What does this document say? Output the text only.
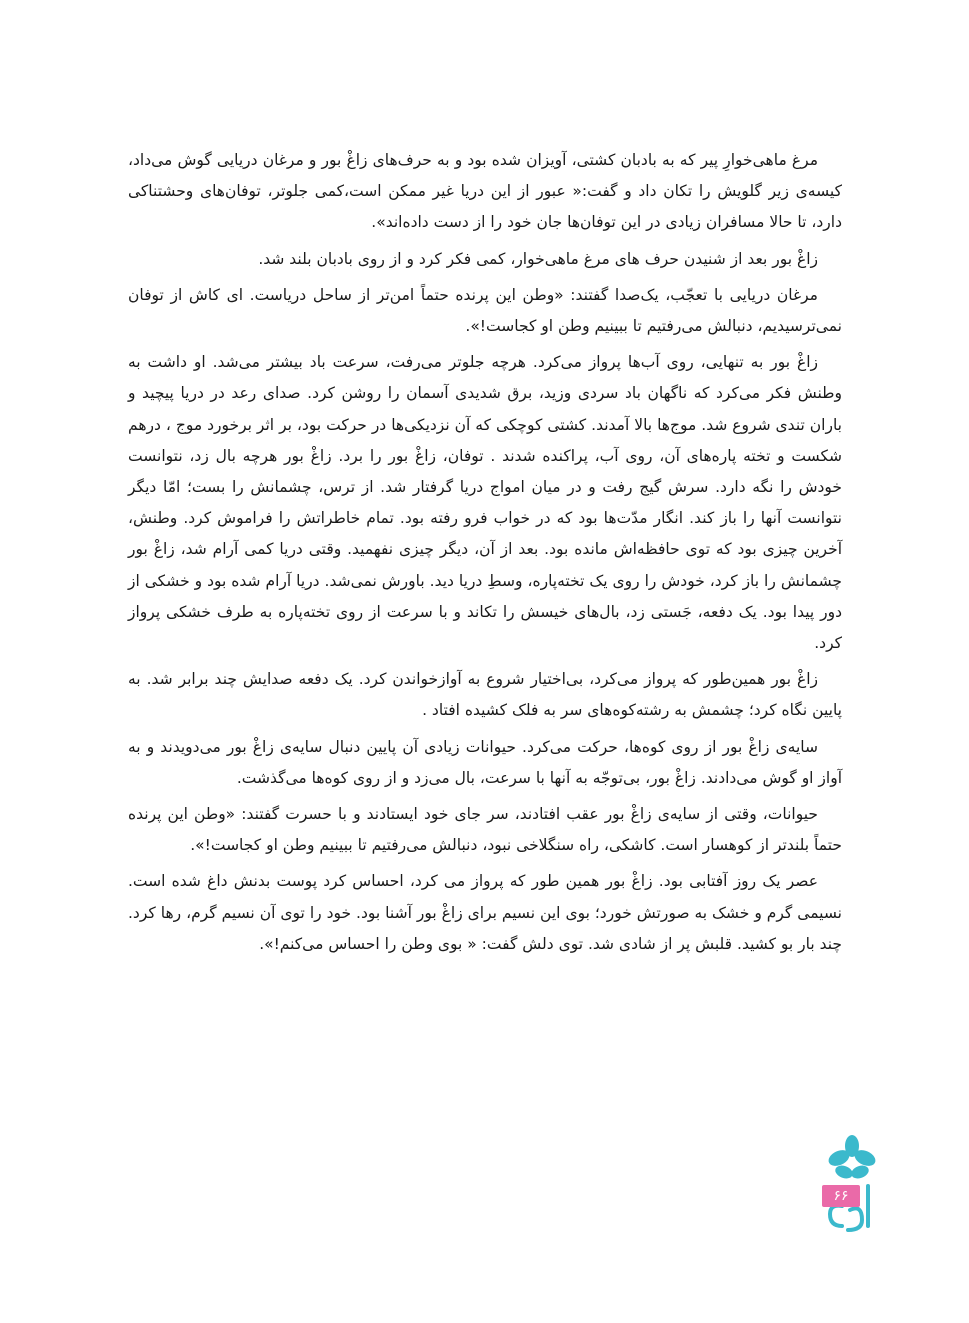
مرغ ماهی‌خوارِ پیر که به بادبان کشتی، آویزان شده بود و به حرف‌های زاغْ بور و مرغان دریایی گوش می‌داد، کیسه‌ی زیر گلویش را تکان داد و گفت:« عبور از این دریا غیر ممکن است،کمی جلوتر، توفان‌های وحشتناکی دارد، تا حالا مسافران زیادی در این توفان‌ها جان خود را از دست داده‌اند».

زاغْ بور بعد از شنیدن حرف های مرغ ماهی‌خوار، کمی فکر کرد و از روی بادبان بلند شد.

مرغان دریایی با تعجّب، یک‌صدا گفتند: «وطن این پرنده حتماً امن‌تر از ساحل دریاست. ای کاش از توفان نمی‌ترسیدیم، دنبالش می‌رفتیم تا ببینیم وطن او کجاست!».

زاغْ بور به تنهایی، روی آب‌ها پرواز می‌کرد. هرچه جلوتر می‌رفت، سرعت باد بیشتر می‌شد. او داشت به وطنش فکر می‌کرد که ناگهان باد سردی وزید، برق شدیدی آسمان را روشن کرد. صدای رعد در دریا پیچید و باران تندی شروع شد. موج‌ها بالا آمدند. کشتی کوچکی که آن نزدیکی‌ها در حرکت بود، بر اثر برخورد موج ، درهم شکست و تخته پاره‌های آن، روی آب، پراکنده شدند . توفان، زاغْ بور را برد. زاغْ بور هرچه بال زد، نتوانست خودش را نگه دارد. سرش گیج رفت و در میان امواج دریا گرفتار شد. از ترس، چشمانش را بست؛ امّا دیگر نتوانست آنها را باز کند. انگار مدّت‌ها بود که در خواب فرو رفته بود. تمام خاطراتش را فراموش کرد. وطنش، آخرین چیزی بود که توی حافظه‌اش مانده بود. بعد از آن، دیگر چیزی نفهمید. وقتی دریا کمی آرام شد، زاغْ بور چشمانش را باز کرد، خودش را روی یک تخته‌پاره، وسطِ دریا دید. باورش نمی‌شد. دریا آرام شده بود و خشکی از دور پیدا بود. یک دفعه، جَستی زد، بال‌های خیسش را تکاند و با سرعت از روی تخته‌پاره به طرف خشکی پرواز کرد.

زاغْ بور همین‌طور که پرواز می‌کرد، بی‌اختیار شروع به آوازخواندن کرد. یک دفعه صدایش چند برابر شد. به پایین نگاه کرد؛ چشمش به رشته‌کوه‌های سر به فلک کشیده افتاد .

سایه‌ی زاغْ بور از روی کوه‌ها، حرکت می‌کرد. حیوانات زیادی آن پایین دنبال سایه‌ی زاغْ بور می‌دویدند و به آواز او گوش می‌دادند. زاغْ بور، بی‌توجّه به آنها با سرعت، بال می‌زد و از روی کوه‌ها می‌گذشت.

حیوانات، وقتی از سایه‌ی زاغْ بور عقب افتادند، سر جای خود ایستادند و با حسرت گفتند: «وطن این پرنده حتماً بلندتر از کوهسار است. کاشکی، راه سنگلاخی نبود، دنبالش می‌رفتیم تا ببینیم وطن او کجاست!».

عصر یک روز آفتابی بود. زاغْ بور همین طور که پرواز می کرد، احساس کرد پوست بدنش داغ شده است. نسیمی گرم و خشک به صورتش خورد؛ بوی این نسیم برای زاغْ بور آشنا بود. خود را توی آن نسیم گرم، رها کرد. چند بار بو کشید. قلبش پر از شادی شد. توی دلش گفت: « بوی وطن را احساس می‌کنم!».

۶۶
